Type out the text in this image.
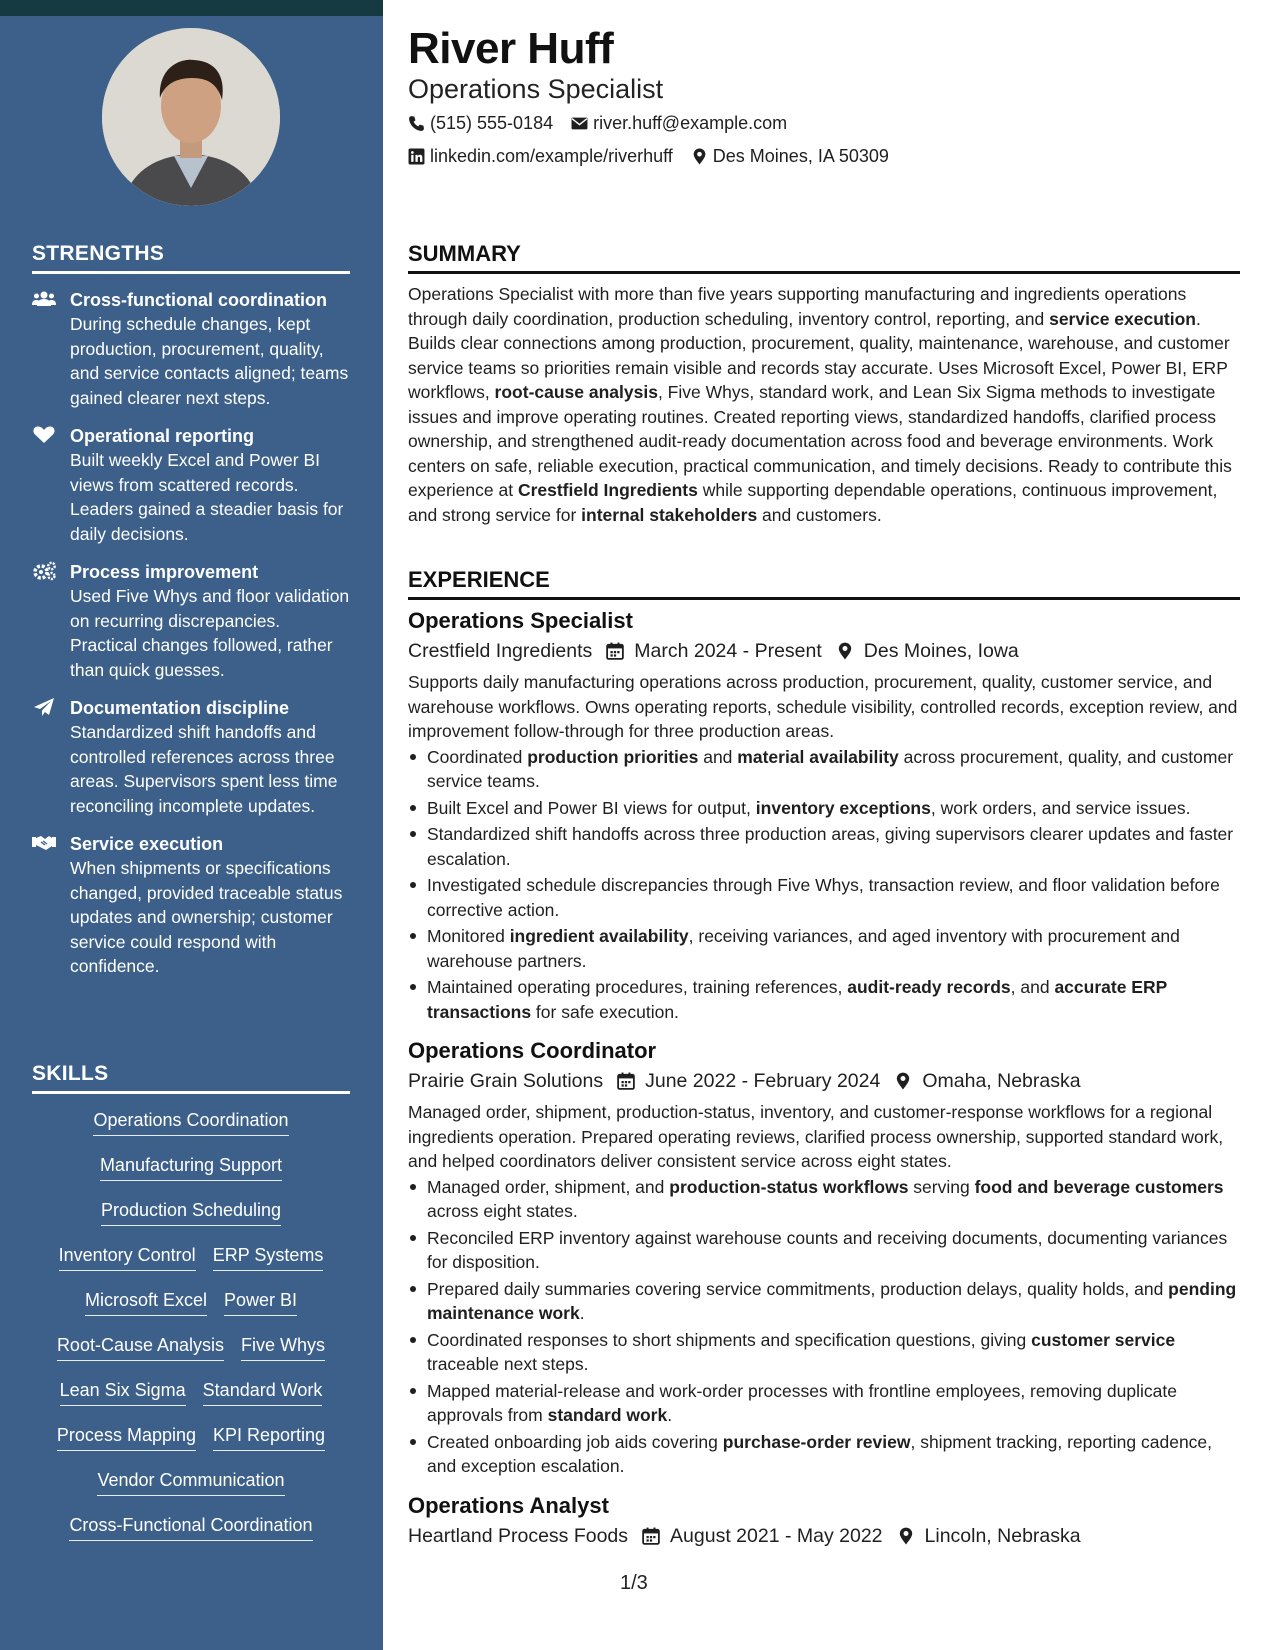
STRENGTHS
Cross-functional coordination
During schedule changes, kept production, procurement, quality, and service contacts aligned; teams gained clearer next steps.
Operational reporting
Built weekly Excel and Power BI views from scattered records. Leaders gained a steadier basis for daily decisions.
Process improvement
Used Five Whys and floor validation on recurring discrepancies. Practical changes followed, rather than quick guesses.
Documentation discipline
Standardized shift handoffs and controlled references across three areas. Supervisors spent less time reconciling incomplete updates.
Service execution
When shipments or specifications changed, provided traceable status updates and ownership; customer service could respond with confidence.
SKILLS
Operations Coordination
Manufacturing Support
Production Scheduling
Inventory Control ERP Systems
Microsoft Excel Power BI
Root-Cause Analysis Five Whys
Lean Six Sigma Standard Work
Process Mapping KPI Reporting
Vendor Communication
Cross-Functional Coordination
River Huff
Operations Specialist
(515) 555-0184 river.huff@example.com
linkedin.com/example/riverhuff Des Moines, IA 50309
SUMMARY

Operations Specialist with more than five years supporting manufacturing and ingredients operations through daily coordination, production scheduling, inventory control, reporting, and service execution. Builds clear connections among production, procurement, quality, maintenance, warehouse, and customer service teams so priorities remain visible and records stay accurate. Uses Microsoft Excel, Power BI, ERP workflows, root-cause analysis, Five Whys, standard work, and Lean Six Sigma methods to investigate issues and improve operating routines. Created reporting views, standardized handoffs, clarified process ownership, and strengthened audit-ready documentation across food and beverage environments. Work centers on safe, reliable execution, practical communication, and timely decisions. Ready to contribute this experience at Crestfield Ingredients while supporting dependable operations, continuous improvement, and strong service for internal stakeholders and customers.

EXPERIENCE
Operations Specialist
Crestfield Ingredients March 2024 - Present Des Moines, Iowa

Supports daily manufacturing operations across production, procurement, quality, customer service, and warehouse workflows. Owns operating reports, schedule visibility, controlled records, exception review, and improvement follow-through for three production areas.

Coordinated production priorities and material availability across procurement, quality, and customer service teams.
Built Excel and Power BI views for output, inventory exceptions, work orders, and service issues.
Standardized shift handoffs across three production areas, giving supervisors clearer updates and faster escalation.
Investigated schedule discrepancies through Five Whys, transaction review, and floor validation before corrective action.
Monitored ingredient availability, receiving variances, and aged inventory with procurement and warehouse partners.
Maintained operating procedures, training references, audit-ready records, and accurate ERP transactions for safe execution.
Operations Coordinator
Prairie Grain Solutions June 2022 - February 2024 Omaha, Nebraska

Managed order, shipment, production-status, inventory, and customer-response workflows for a regional ingredients operation. Prepared operating reviews, clarified process ownership, supported standard work, and helped coordinators deliver consistent service across eight states.

Managed order, shipment, and production-status workflows serving food and beverage customers across eight states.
Reconciled ERP inventory against warehouse counts and receiving documents, documenting variances for disposition.
Prepared daily summaries covering service commitments, production delays, quality holds, and pending maintenance work.
Coordinated responses to short shipments and specification questions, giving customer service traceable next steps.
Mapped material-release and work-order processes with frontline employees, removing duplicate approvals from standard work.
Created onboarding job aids covering purchase-order review, shipment tracking, reporting cadence, and exception escalation.
Operations Analyst
Heartland Process Foods August 2021 - May 2022 Lincoln, Nebraska
1/3
